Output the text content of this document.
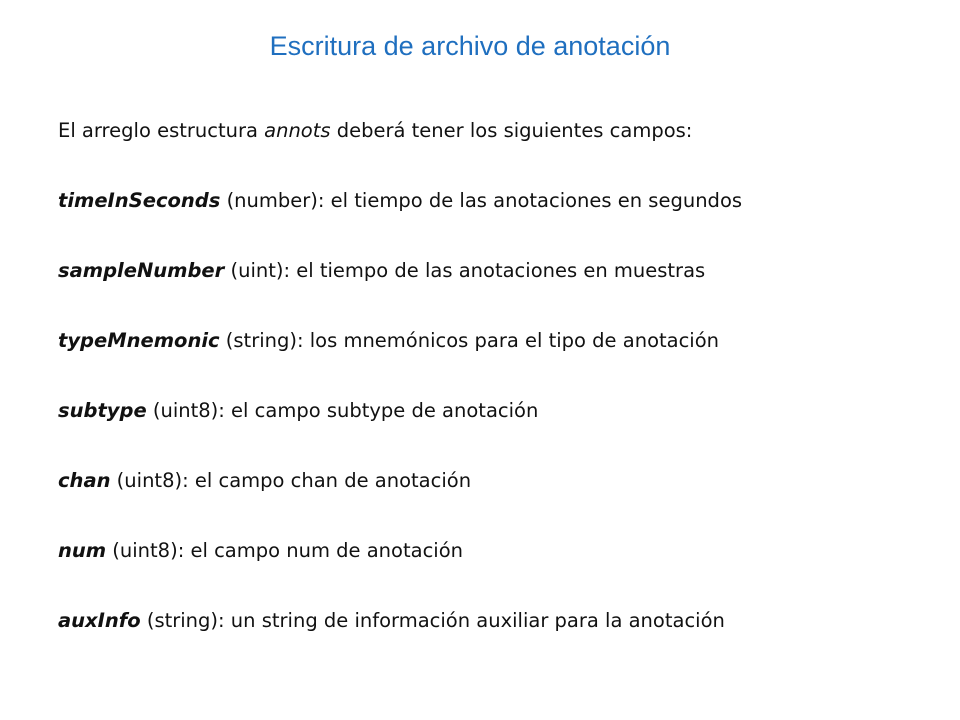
Escritura de archivo de anotación
El arreglo estructura annots deberá tener los siguientes campos:
timeInSeconds (number): el tiempo de las anotaciones en segundos
sampleNumber (uint): el tiempo de las anotaciones en muestras
typeMnemonic (string): los mnemónicos para el tipo de anotación
subtype (uint8): el campo subtype de anotación
chan (uint8): el campo chan de anotación
num (uint8): el campo num de anotación
auxInfo (string): un string de información auxiliar para la anotación
